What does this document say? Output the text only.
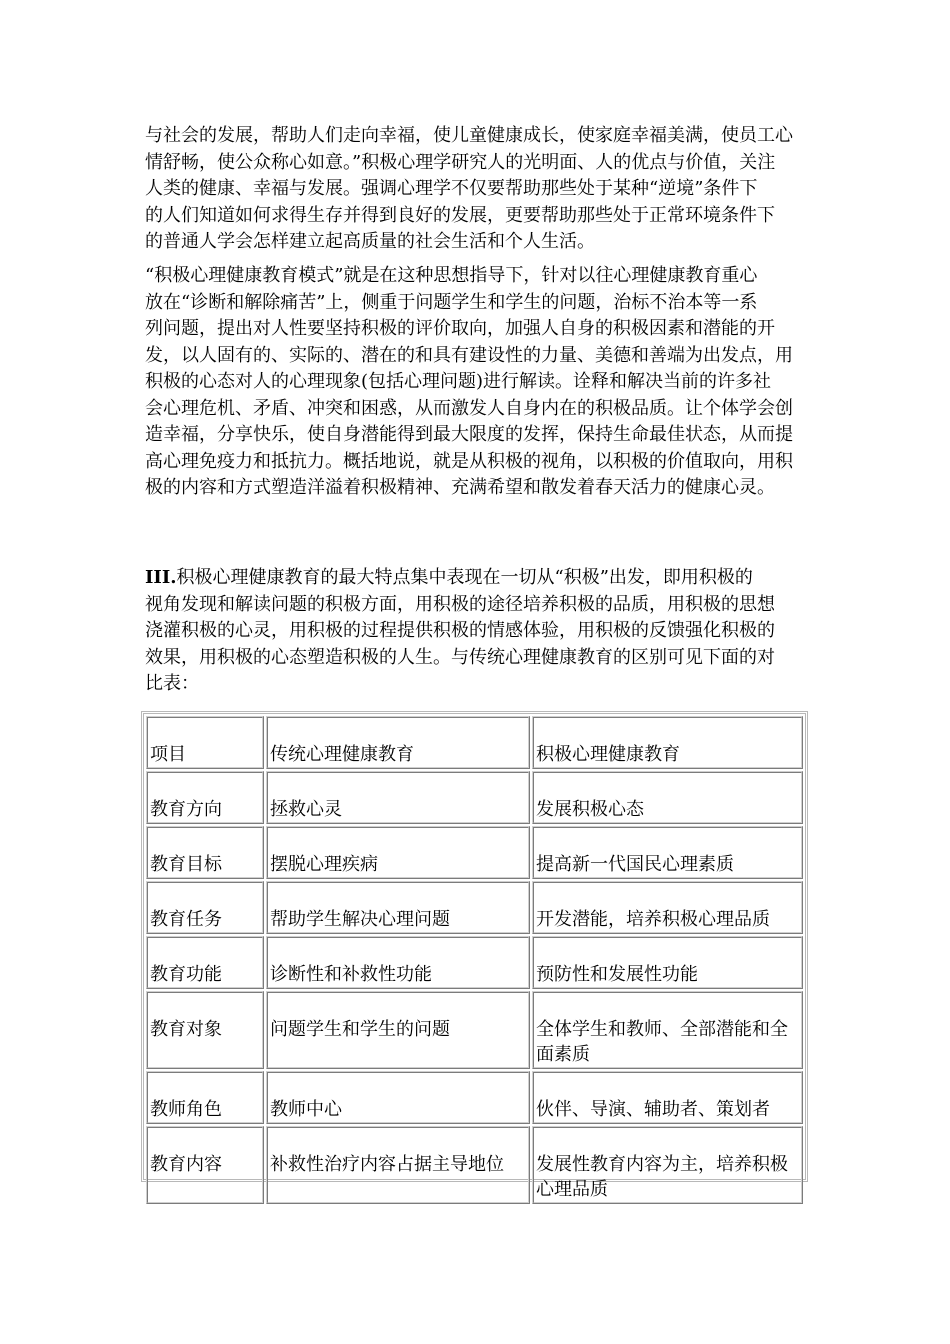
与社会的发展，帮助人们走向幸福，使儿童健康成长，使家庭幸福美满，使员工心
情舒畅，使公众称心如意。”积极心理学研究人的光明面、人的优点与价值，关注
人类的健康、幸福与发展。强调心理学不仅要帮助那些处于某种“逆境”条件下
的人们知道如何求得生存并得到良好的发展，更要帮助那些处于正常环境条件下
的普通人学会怎样建立起高质量的社会生活和个人生活。
“积极心理健康教育模式”就是在这种思想指导下，针对以往心理健康教育重心
放在“诊断和解除痛苦”上，侧重于问题学生和学生的问题，治标不治本等一系
列问题，提出对人性要坚持积极的评价取向，加强人自身的积极因素和潜能的开
发，以人固有的、实际的、潜在的和具有建设性的力量、美德和善端为出发点，用
积极的心态对人的心理现象(包括心理问题)进行解读。诠释和解决当前的许多社
会心理危机、矛盾、冲突和困惑，从而激发人自身内在的积极品质。让个体学会创
造幸福，分享快乐，使自身潜能得到最大限度的发挥，保持生命最佳状态，从而提
高心理免疫力和抵抗力。概括地说，就是从积极的视角，以积极的价值取向，用积
极的内容和方式塑造洋溢着积极精神、充满希望和散发着春天活力的健康心灵。
III.积极心理健康教育的最大特点集中表现在一切从“积极”出发，即用积极的
视角发现和解读问题的积极方面，用积极的途径培养积极的品质，用积极的思想
浇灌积极的心灵，用积极的过程提供积极的情感体验，用积极的反馈强化积极的
效果，用积极的心态塑造积极的人生。与传统心理健康教育的区别可见下面的对
比表：
项目	传统心理健康教育	积极心理健康教育

教育方向	拯救心灵	发展积极心态

教育目标	摆脱心理疾病	提高新一代国民心理素质

教育任务	帮助学生解决心理问题	开发潜能，培养积极心理品质

教育功能	诊断性和补救性功能	预防性和发展性功能

教育对象	问题学生和学生的问题	全体学生和教师、全部潜能和全面素质

教师角色	教师中心	伙伴、导演、辅助者、策划者

教育内容	补救性治疗内容占据主导地位	发展性教育内容为主，培养积极心理品质
